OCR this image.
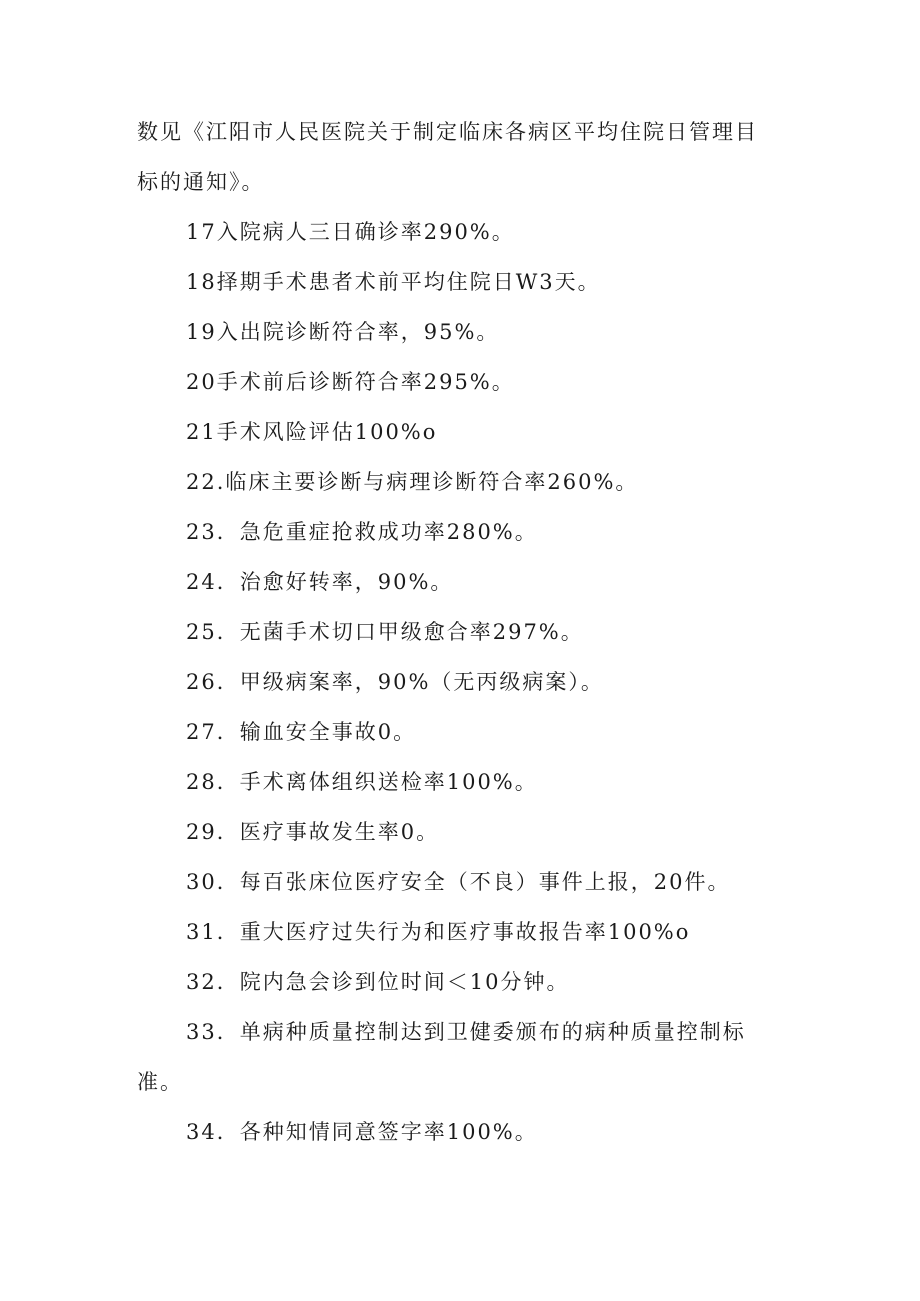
数见《江阳市人民医院关于制定临床各病区平均住院日管理目
标的通知》。
17入院病人三日确诊率290%。
18择期手术患者术前平均住院日W3天。
19入出院诊断符合率，95%。
20手术前后诊断符合率295%。
21手术风险评估100%o
22.临床主要诊断与病理诊断符合率260%。
23．急危重症抢救成功率280%。
24．治愈好转率，90%。
25．无菌手术切口甲级愈合率297%。
26．甲级病案率，90%（无丙级病案）。
27．输血安全事故0。
28．手术离体组织送检率100%。
29．医疗事故发生率0。
30．每百张床位医疗安全（不良）事件上报，20件。
31．重大医疗过失行为和医疗事故报告率100%o
32．院内急会诊到位时间＜10分钟。
33．单病种质量控制达到卫健委颁布的病种质量控制标
准。
34．各种知情同意签字率100%。
